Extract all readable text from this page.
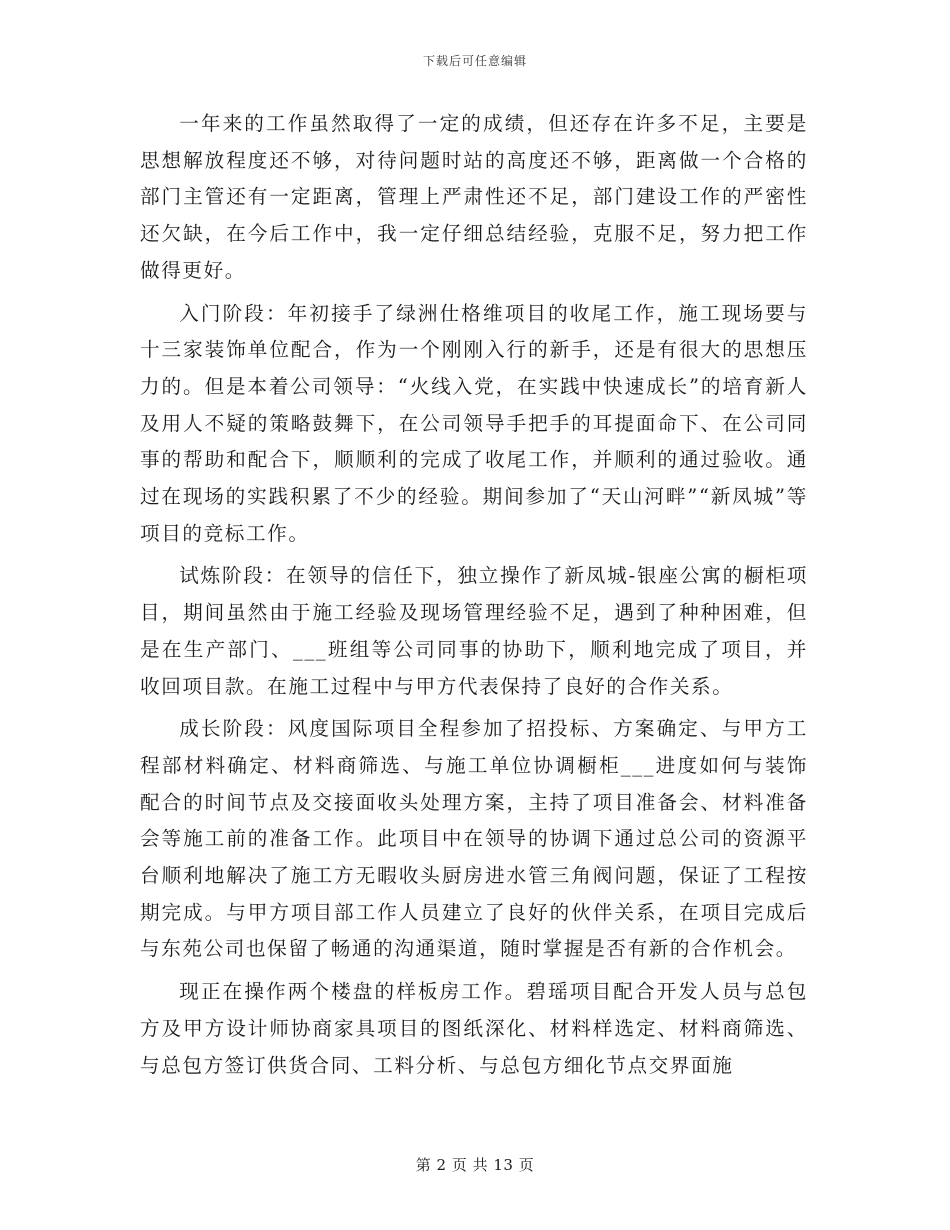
下载后可任意编辑

一年来的工作虽然取得了一定的成绩，但还存在许多不足，主要是思想解放程度还不够，对待问题时站的高度还不够，距离做一个合格的部门主管还有一定距离，管理上严肃性还不足，部门建设工作的严密性还欠缺，在今后工作中，我一定仔细总结经验，克服不足，努力把工作做得更好。

入门阶段：年初接手了绿洲仕格维项目的收尾工作，施工现场要与十三家装饰单位配合，作为一个刚刚入行的新手，还是有很大的思想压力的。但是本着公司领导：“火线入党，在实践中快速成长”的培育新人及用人不疑的策略鼓舞下，在公司领导手把手的耳提面命下、在公司同事的帮助和配合下，顺顺利的完成了收尾工作，并顺利的通过验收。通过在现场的实践积累了不少的经验。期间参加了“天山河畔”“新凤城”等项目的竞标工作。

试炼阶段：在领导的信任下，独立操作了新凤城-银座公寓的橱柜项目，期间虽然由于施工经验及现场管理经验不足，遇到了种种困难，但是在生产部门、___班组等公司同事的协助下，顺利地完成了项目，并收回项目款。在施工过程中与甲方代表保持了良好的合作关系。

成长阶段：风度国际项目全程参加了招投标、方案确定、与甲方工程部材料确定、材料商筛选、与施工单位协调橱柜___进度如何与装饰配合的时间节点及交接面收头处理方案，主持了项目准备会、材料准备会等施工前的准备工作。此项目中在领导的协调下通过总公司的资源平台顺利地解决了施工方无暇收头厨房进水管三角阀问题，保证了工程按期完成。与甲方项目部工作人员建立了良好的伙伴关系，在项目完成后与东苑公司也保留了畅通的沟通渠道，随时掌握是否有新的合作机会。

现正在操作两个楼盘的样板房工作。碧瑶项目配合开发人员与总包方及甲方设计师协商家具项目的图纸深化、材料样选定、材料商筛选、与总包方签订供货合同、工料分析、与总包方细化节点交界面施

第 2 页 共 13 页
